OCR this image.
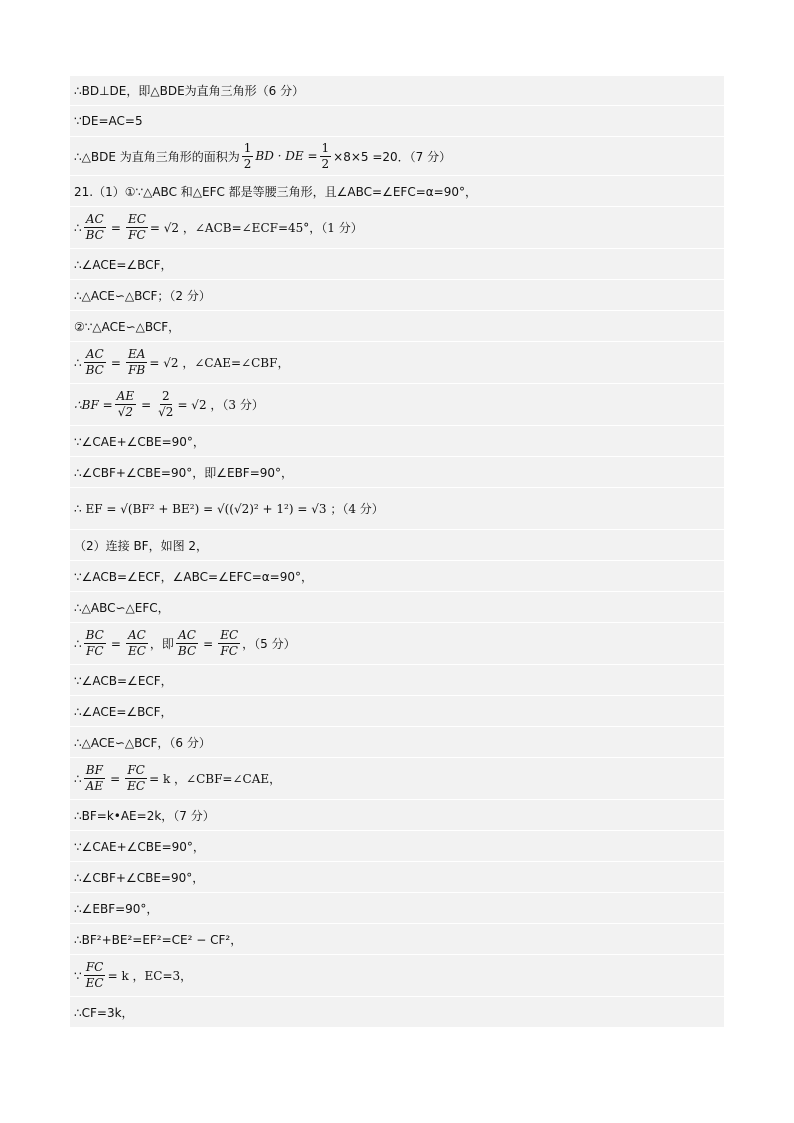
∴BD⊥DE，即△BDE为直角三角形（6 分）
∵DE=AC=5
∴△BDE 为直角三角形的面积为 $\frac{1}{2}$ BD · DE = $\frac{1}{2} \times 8\times 5 =20$．（7 分）
21.（1）①∵△ABC 和△EFC 都是等腰三角形，且∠ABC=∠EFC=α=90°，
∴ $\frac{AC}{BC} = \frac{EC}{FC} = √2$ ，∠ACB=∠ECF=45°，（1 分）
∴∠ACE=∠BCF，
∴△ACE∽△BCF；（2 分）
②∵△ACE∽△BCF，
∴ $\frac{AC}{BC} = \frac{EA}{FB} = √2$ ，∠CAE=∠CBF，
∴BF = $\frac{AE}{√2} = \frac{2}{√2} = √2$ ，（3 分）
∵∠CAE+∠CBE=90°，
∴∠CBF+∠CBE=90°，即∠EBF=90°，
∴ EF = √(BF² + BE²) = √((√2)² + 1²) = √3 ；（4 分）
（2）连接 BF，如图 2，
∵∠ACB=∠ECF，∠ABC=∠EFC=α=90°，
∴△ABC∽△EFC，
∴ $\frac{BC}{FC} = \frac{AC}{EC}$ ，即 $\frac{AC}{BC} = \frac{EC}{FC}$ ，（5 分）
∵∠ACB=∠ECF，
∴∠ACE=∠BCF，
∴△ACE∽△BCF，（6 分）
∴ $\frac{BF}{AE} = \frac{FC}{EC} = k$ ，∠CBF=∠CAE，
∴BF=k•AE=2k，（7 分）
∵∠CAE+∠CBE=90°，
∴∠CBF+∠CBE=90°，
∴∠EBF=90°，
∴BF²+BE²=EF²=CE² − CF²，
∵ $\frac{FC}{EC} = k$ ，EC=3，
∴CF=3k，
